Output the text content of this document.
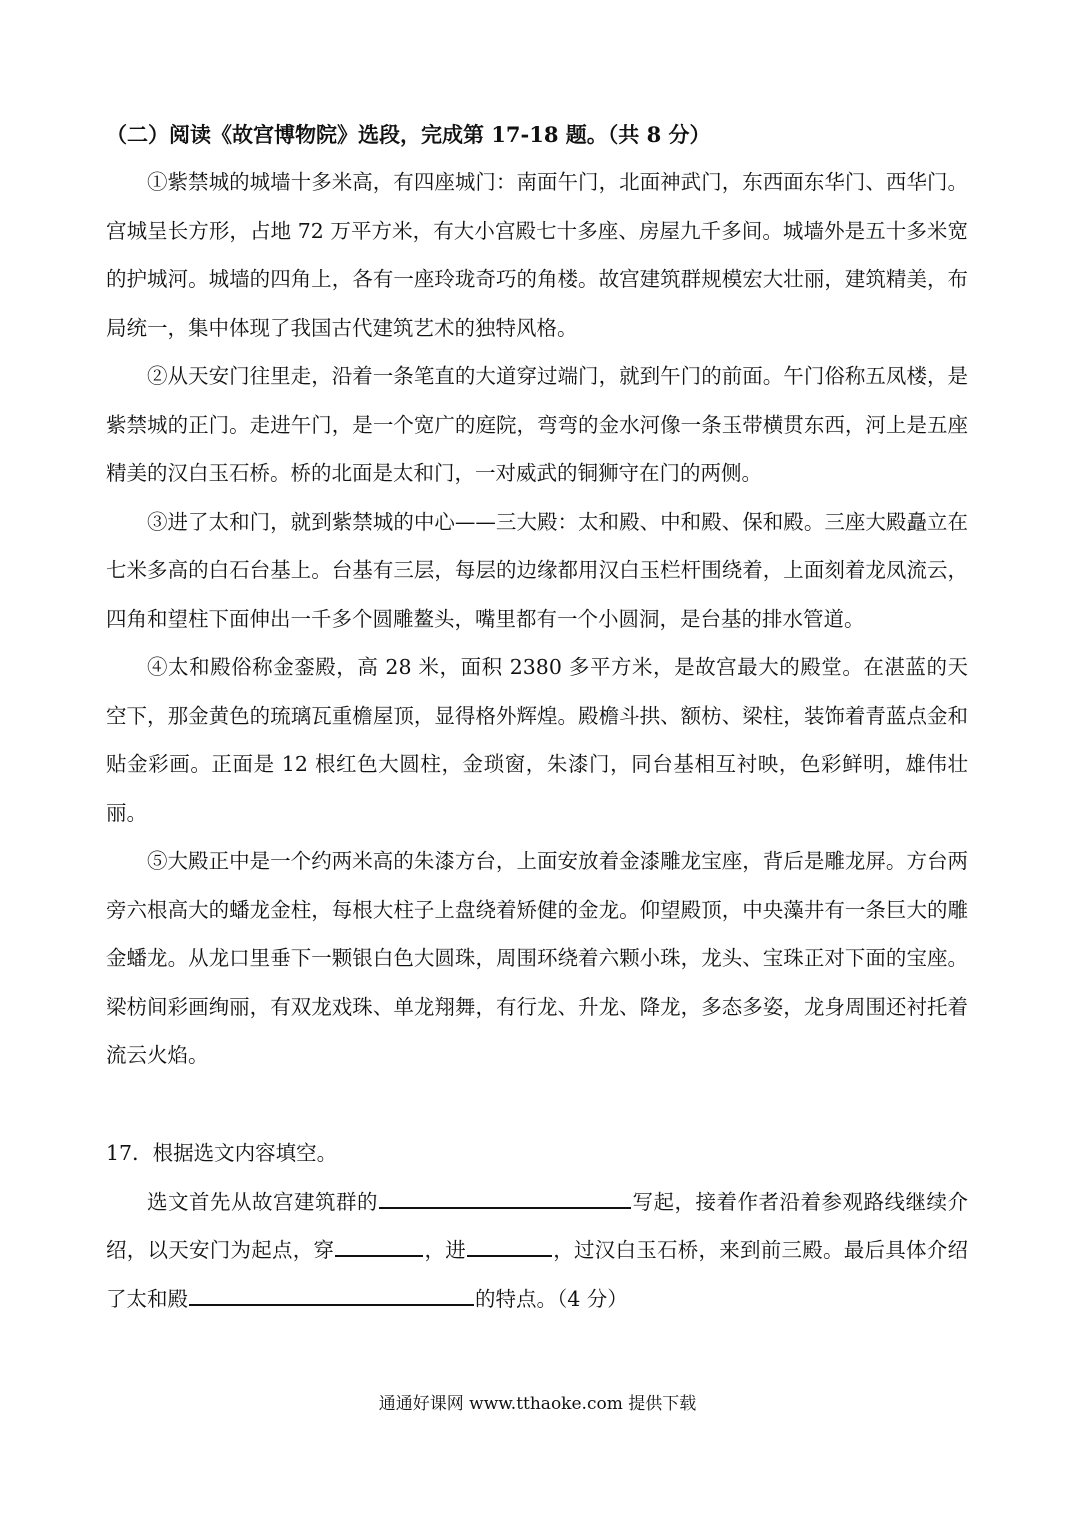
（二）阅读《故宫博物院》选段，完成第 17-18 题。（共 8 分）

①紫禁城的城墙十多米高，有四座城门：南面午门，北面神武门，东西面东华门、西华门。宫城呈长方形，占地 72 万平方米，有大小宫殿七十多座、房屋九千多间。城墙外是五十多米宽的护城河。城墙的四角上，各有一座玲珑奇巧的角楼。故宫建筑群规模宏大壮丽，建筑精美，布局统一，集中体现了我国古代建筑艺术的独特风格。

②从天安门往里走，沿着一条笔直的大道穿过端门，就到午门的前面。午门俗称五凤楼，是紫禁城的正门。走进午门，是一个宽广的庭院，弯弯的金水河像一条玉带横贯东西，河上是五座精美的汉白玉石桥。桥的北面是太和门，一对威武的铜狮守在门的两侧。

③进了太和门，就到紫禁城的中心——三大殿：太和殿、中和殿、保和殿。三座大殿矗立在七米多高的白石台基上。台基有三层，每层的边缘都用汉白玉栏杆围绕着，上面刻着龙凤流云，四角和望柱下面伸出一千多个圆雕鳌头，嘴里都有一个小圆洞，是台基的排水管道。

④太和殿俗称金銮殿，高 28 米，面积 2380 多平方米，是故宫最大的殿堂。在湛蓝的天空下，那金黄色的琉璃瓦重檐屋顶，显得格外辉煌。殿檐斗拱、额枋、梁柱，装饰着青蓝点金和贴金彩画。正面是 12 根红色大圆柱，金琐窗，朱漆门，同台基相互衬映，色彩鲜明，雄伟壮丽。

⑤大殿正中是一个约两米高的朱漆方台，上面安放着金漆雕龙宝座，背后是雕龙屏。方台两旁六根高大的蟠龙金柱，每根大柱子上盘绕着矫健的金龙。仰望殿顶，中央藻井有一条巨大的雕金蟠龙。从龙口里垂下一颗银白色大圆珠，周围环绕着六颗小珠，龙头、宝珠正对下面的宝座。梁枋间彩画绚丽，有双龙戏珠、单龙翔舞，有行龙、升龙、降龙，多态多姿，龙身周围还衬托着流云火焰。

17．根据选文内容填空。

选文首先从故宫建筑群的	写起，接着作者沿着参观路线继续介绍，以天安门为起点，穿	，进	，过汉白玉石桥，来到前三殿。最后具体介绍了太和殿	的特点。（4 分）

通通好课网 www.tthaoke.com 提供下载
